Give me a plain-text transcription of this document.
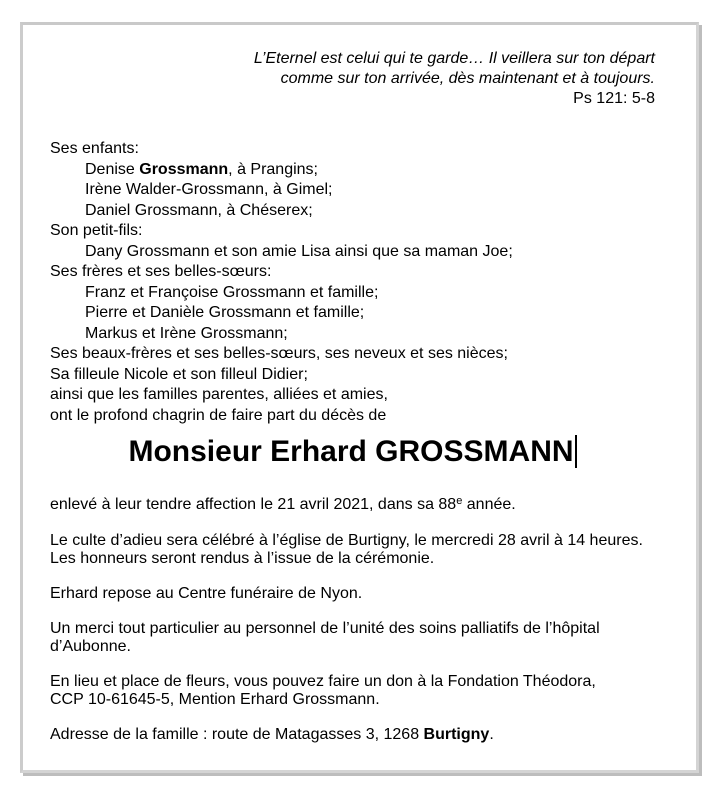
L’Eternel est celui qui te garde… Il veillera sur ton départ
comme sur ton arrivée, dès maintenant et à toujours.
Ps 121: 5-8
Ses enfants:
Denise Grossmann, à Prangins;
Irène Walder-Grossmann, à Gimel;
Daniel Grossmann, à Chéserex;
Son petit-fils:
Dany Grossmann et son amie Lisa ainsi que sa maman Joe;
Ses frères et ses belles-sœurs:
Franz et Françoise Grossmann et famille;
Pierre et Danièle Grossmann et famille;
Markus et Irène Grossmann;
Ses beaux-frères et ses belles-sœurs, ses neveux et ses nièces;
Sa filleule Nicole et son filleul Didier;
ainsi que les familles parentes, alliées et amies,
ont le profond chagrin de faire part du décès de
Monsieur Erhard GROSSMANN
enlevé à leur tendre affection le 21 avril 2021, dans sa 88e année.
Le culte d’adieu sera célébré à l’église de Burtigny, le mercredi 28 avril à 14 heures.
Les honneurs seront rendus à l’issue de la cérémonie.
Erhard repose au Centre funéraire de Nyon.
Un merci tout particulier au personnel de l’unité des soins palliatifs de l’hôpital
d’Aubonne.
En lieu et place de fleurs, vous pouvez faire un don à la Fondation Théodora,
CCP 10-61645-5, Mention Erhard Grossmann.
Adresse de la famille : route de Matagasses 3, 1268 Burtigny.
